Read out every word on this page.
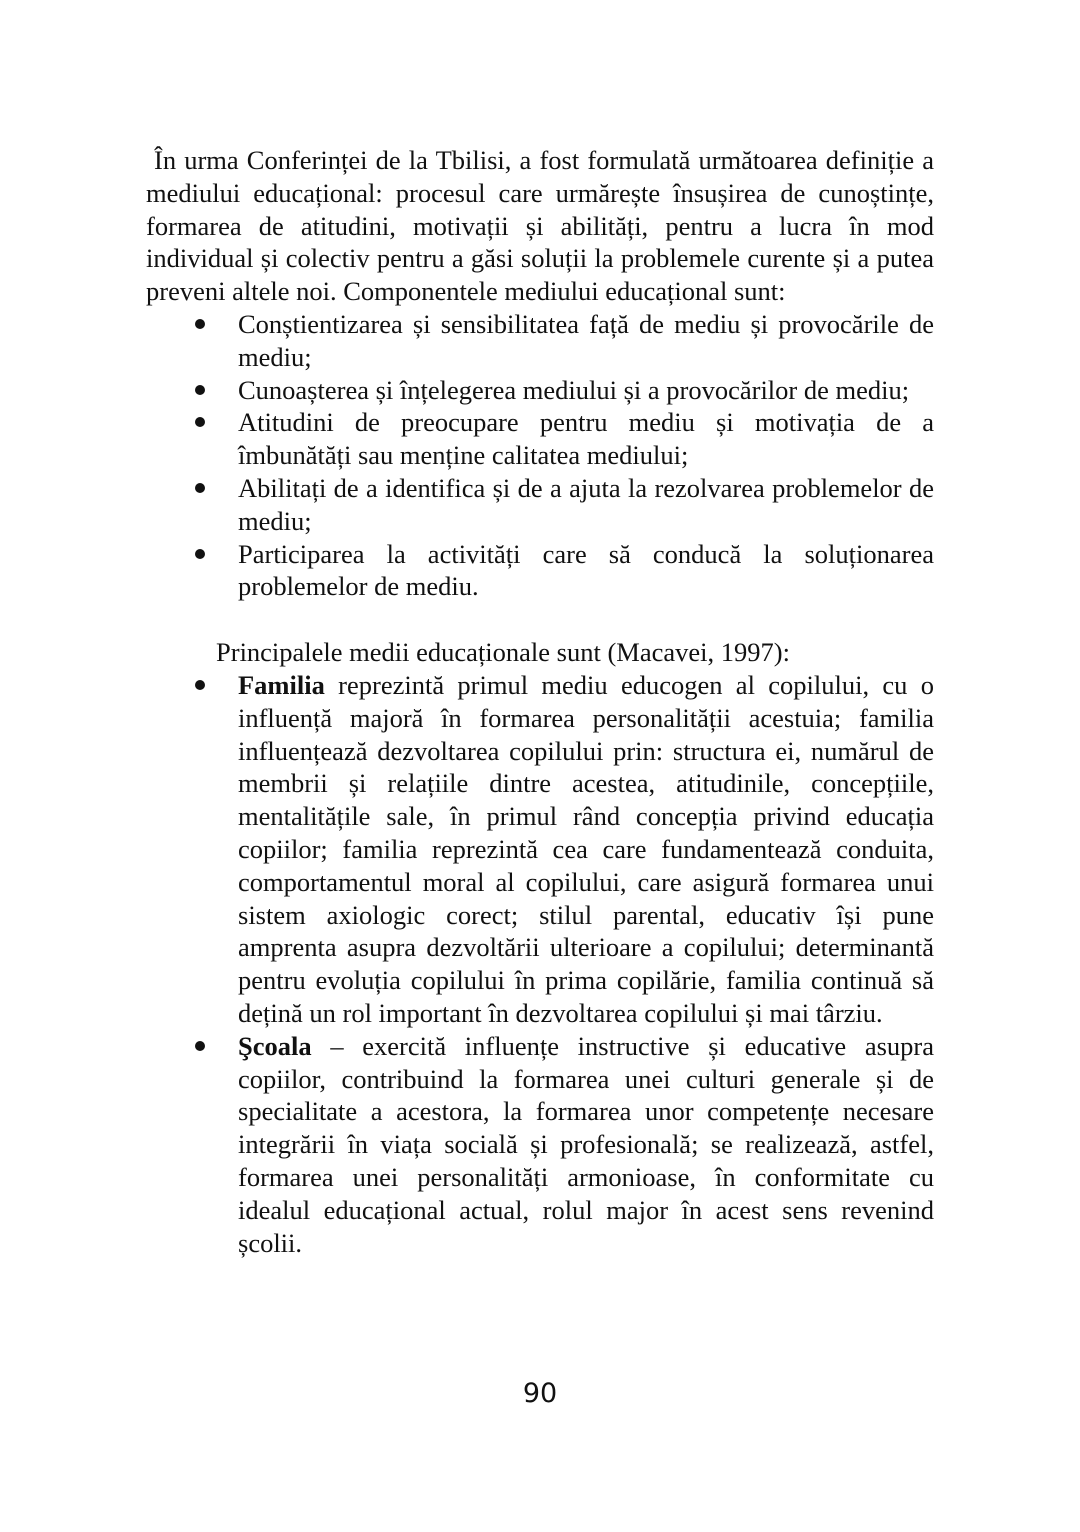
În urma Conferinței de la Tbilisi, a fost formulată următoarea definiție a mediului educațional: procesul care urmărește însușirea de cunoștințe, formarea de atitudini, motivații și abilități, pentru a lucra în mod individual și colectiv pentru a găsi soluții la problemele curente și a putea preveni altele noi. Componentele mediului educațional sunt:

Conștientizarea și sensibilitatea față de mediu și provocările de mediu;
Cunoașterea și înțelegerea mediului și a provocărilor de mediu;
Atitudini de preocupare pentru mediu și motivația de a îmbunătăți sau menține calitatea mediului;
Abilitați de a identifica și de a ajuta la rezolvarea problemelor de mediu;
Participarea la activități care să conducă la soluționarea problemelor de mediu.

Principalele medii educaționale sunt (Macavei, 1997):

Familia reprezintă primul mediu educogen al copilului, cu o influență majoră în formarea personalității acestuia; familia influențează dezvoltarea copilului prin: structura ei, numărul de membrii și relațiile dintre acestea, atitudinile, concepțiile, mentalitățile sale, în primul rând concepția privind educația copiilor; familia reprezintă cea care fundamentează conduita, comportamentul moral al copilului, care asigură formarea unui sistem axiologic corect; stilul parental, educativ își pune amprenta asupra dezvoltării ulterioare a copilului; determinantă pentru evoluția copilului în prima copilărie, familia continuă să dețină un rol important în dezvoltarea copilului și mai târziu.
Şcoala – exercită influențe instructive și educative asupra copiilor, contribuind la formarea unei culturi generale și de specialitate a acestora, la formarea unor competențe necesare integrării în viața socială și profesională; se realizează, astfel, formarea unei personalități armonioase, în conformitate cu idealul educațional actual, rolul major în acest sens revenind școlii.
90
